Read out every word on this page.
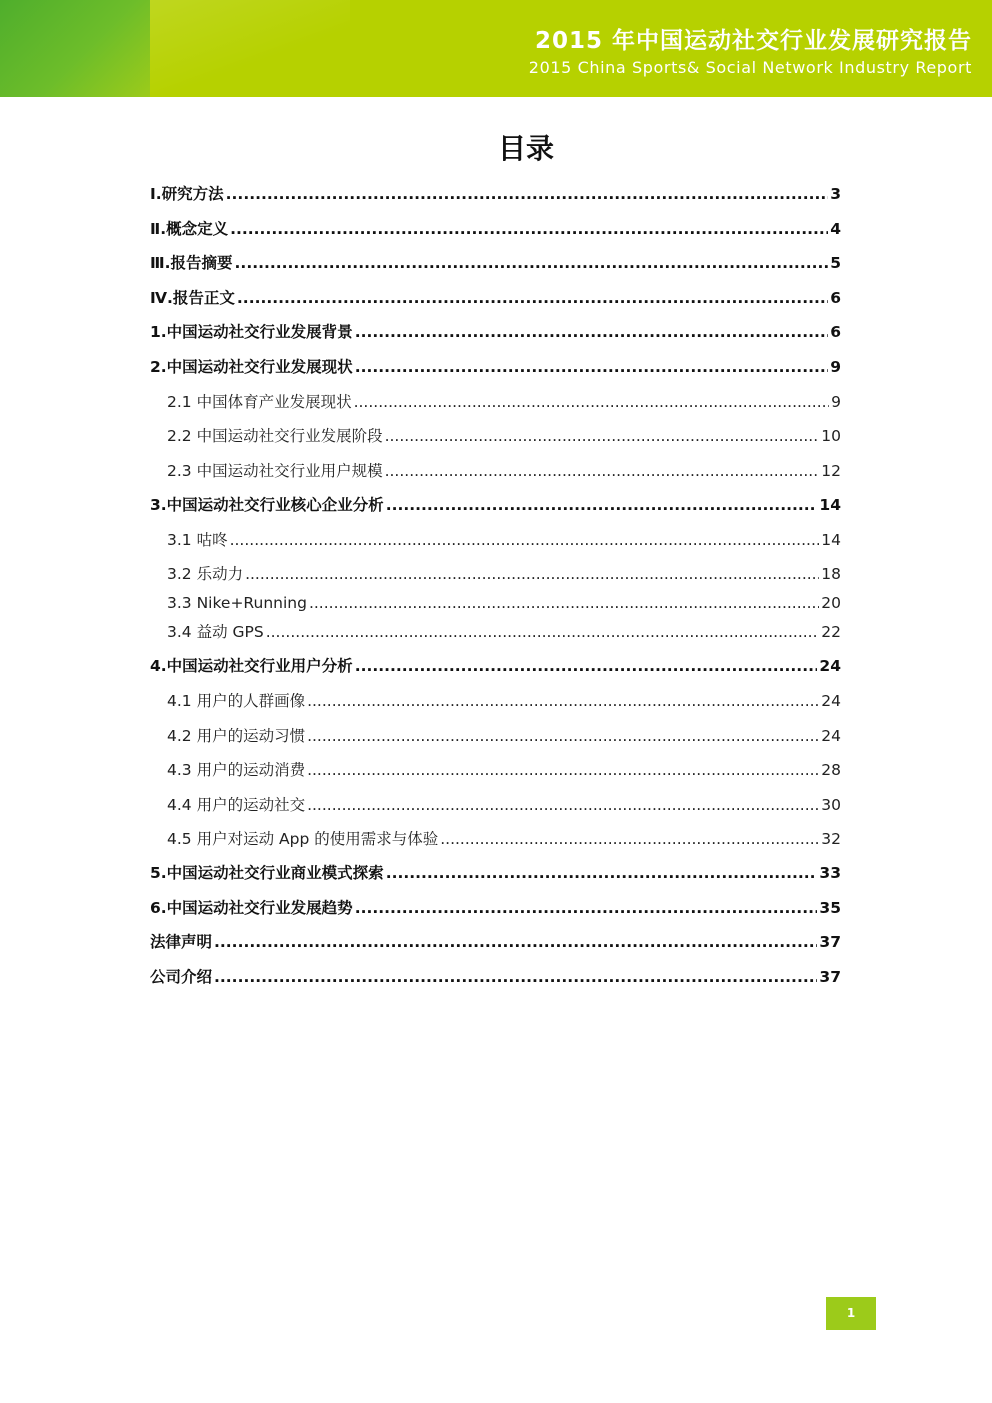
2015 年中国运动社交行业发展研究报告

2015 China Sports& Social Network Industry Report

目录
Ⅰ.研究方法 .....	3
Ⅱ.概念定义 .....	4
Ⅲ.报告摘要 .....	5
Ⅳ.报告正文 .....	6
1.中国运动社交行业发展背景 .....	6
2.中国运动社交行业发展现状 .....	9
2.1 中国体育产业发展现状 .....	9
2.2 中国运动社交行业发展阶段 .....	10
2.3 中国运动社交行业用户规模 .....	12
3.中国运动社交行业核心企业分析 .....	14
3.1 咕咚 .....	14
3.2 乐动力 .....	18
3.3 Nike+Running .....	20
3.4 益动 GPS .....	22
4.中国运动社交行业用户分析 .....	24
4.1 用户的人群画像 .....	24
4.2 用户的运动习惯 .....	24
4.3 用户的运动消费 .....	28
4.4 用户的运动社交 .....	30
4.5 用户对运动 App 的使用需求与体验 .....	32
5.中国运动社交行业商业模式探索 .....	33
6.中国运动社交行业发展趋势 .....	35
法律声明 .....	37
公司介绍 .....	37
1
